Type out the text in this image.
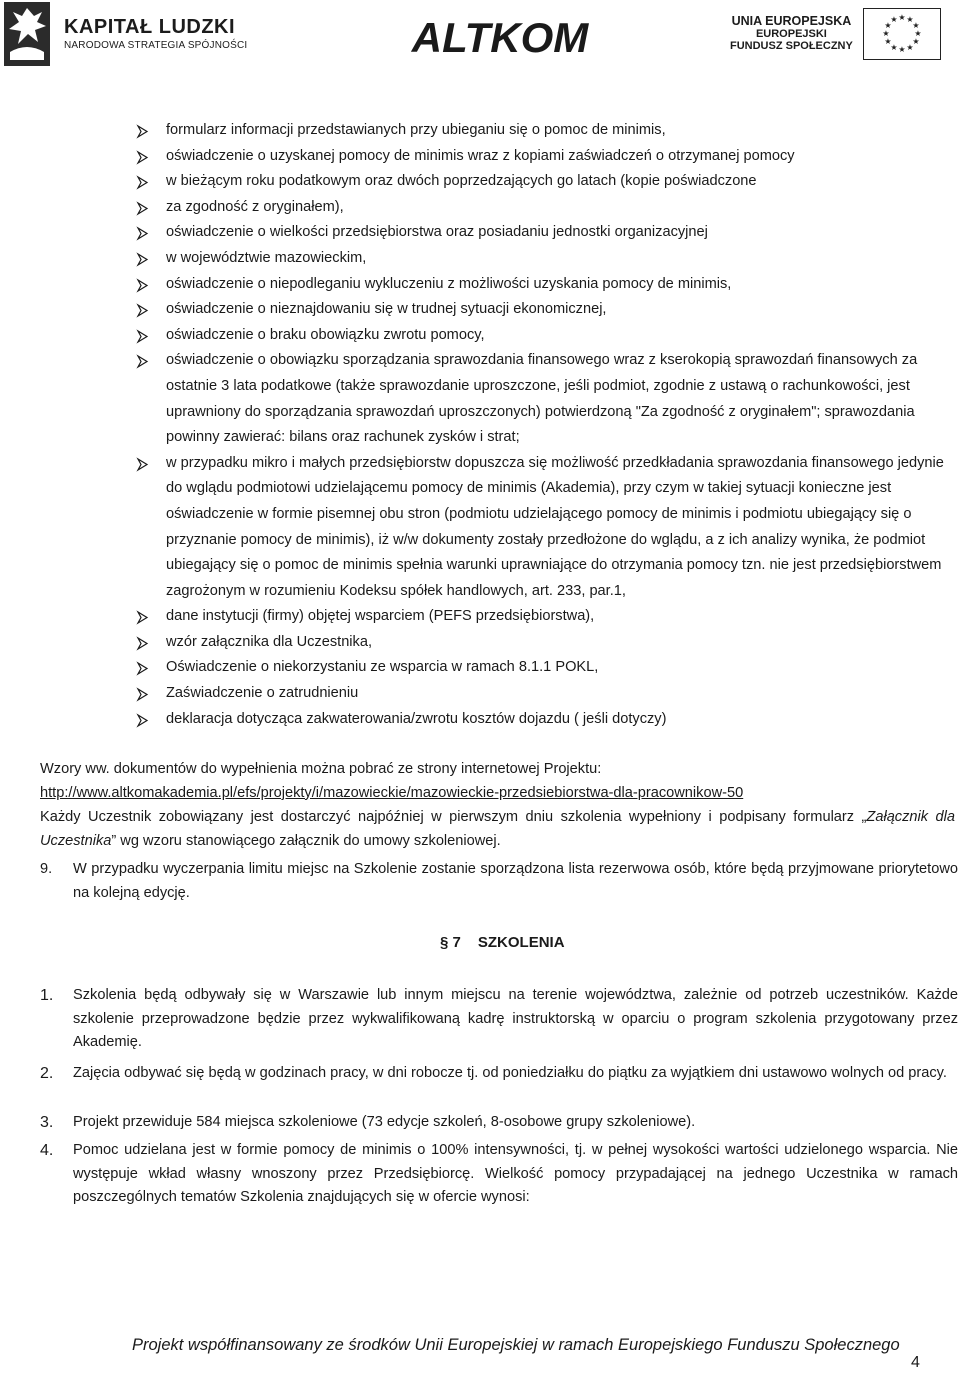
KAPITAŁ LUDZKI
NARODOWA STRATEGIA SPÓJNOŚCI	ALTKOM	UNIA EUROPEJSKA
EUROPEJSKI
FUNDUSZ SPOŁECZNY
★ ★
★
★
★
★
★
★
★
★
★
★
formularz informacji przedstawianych przy ubieganiu się o pomoc de minimis,
oświadczenie o uzyskanej pomocy de minimis wraz z kopiami zaświadczeń o otrzymanej pomocy
w bieżącym roku podatkowym oraz dwóch poprzedzających go latach (kopie poświadczone
za zgodność z oryginałem),
oświadczenie o wielkości przedsiębiorstwa oraz posiadaniu jednostki organizacyjnej
w województwie mazowieckim,
oświadczenie o niepodleganiu wykluczeniu z możliwości uzyskania pomocy de minimis,
oświadczenie o nieznajdowaniu się w trudnej sytuacji ekonomicznej,
oświadczenie o braku obowiązku zwrotu pomocy,
oświadczenie o obowiązku sporządzania sprawozdania finansowego wraz z kserokopią sprawozdań finansowych za ostatnie 3 lata podatkowe (także sprawozdanie uproszczone, jeśli podmiot, zgodnie z ustawą o rachunkowości, jest uprawniony do sporządzania sprawozdań uproszczonych) potwierdzoną "Za zgodność z oryginałem"; sprawozdania powinny zawierać: bilans oraz rachunek zysków i strat;
w przypadku mikro i małych przedsiębiorstw dopuszcza się możliwość przedkładania sprawozdania finansowego jedynie do wglądu podmiotowi udzielającemu pomocy de minimis (Akademia), przy czym w takiej sytuacji konieczne jest oświadczenie w formie pisemnej obu stron (podmiotu udzielającego pomocy de minimis i podmiotu ubiegający się o przyznanie pomocy de minimis), iż w/w dokumenty zostały przedłożone do wglądu, a z ich analizy wynika, że podmiot ubiegający się o pomoc de minimis spełnia warunki uprawniające do otrzymania pomocy tzn. nie jest przedsiębiorstwem zagrożonym w rozumieniu Kodeksu spółek handlowych, art. 233, par.1,
dane instytucji (firmy) objętej wsparciem (PEFS przedsiębiorstwa),
wzór załącznika dla Uczestnika,
Oświadczenie o niekorzystaniu ze wsparcia w ramach 8.1.1 POKL,
Zaświadczenie o zatrudnieniu
deklaracja dotycząca zakwaterowania/zwrotu kosztów dojazdu ( jeśli dotyczy)
Wzory ww. dokumentów do wypełnienia można pobrać ze strony internetowej Projektu:
http://www.altkomakademia.pl/efs/projekty/i/mazowieckie/mazowieckie-przedsiebiorstwa-dla-pracownikow-50
Każdy Uczestnik zobowiązany jest dostarczyć najpóźniej w pierwszym dniu szkolenia wypełniony i podpisany formularz „Załącznik dla Uczestnika” wg wzoru stanowiącego załącznik do umowy szkoleniowej.
9. W przypadku wyczerpania limitu miejsc na Szkolenie zostanie sporządzona lista rezerwowa osób, które będą przyjmowane priorytetowo na kolejną edycję.
§ 7 SZKOLENIA
1. Szkolenia będą odbywały się w Warszawie lub innym miejscu na terenie województwa, zależnie od potrzeb uczestników. Każde szkolenie przeprowadzone będzie przez wykwalifikowaną kadrę instruktorską w oparciu o program szkolenia przygotowany przez Akademię.
2. Zajęcia odbywać się będą w godzinach pracy, w dni robocze tj. od poniedziałku do piątku za wyjątkiem dni ustawowo wolnych od pracy.
3. Projekt przewiduje 584 miejsca szkoleniowe (73 edycje szkoleń, 8-osobowe grupy szkoleniowe).
4. Pomoc udzielana jest w formie pomocy de minimis o 100% intensywności, tj. w pełnej wysokości wartości udzielonego wsparcia. Nie występuje wkład własny wnoszony przez Przedsiębiorcę. Wielkość pomocy przypadającej na jednego Uczestnika w ramach poszczególnych tematów Szkolenia znajdujących się w ofercie wynosi:
Projekt współfinansowany ze środków Unii Europejskiej w ramach Europejskiego Funduszu Społecznego
4
